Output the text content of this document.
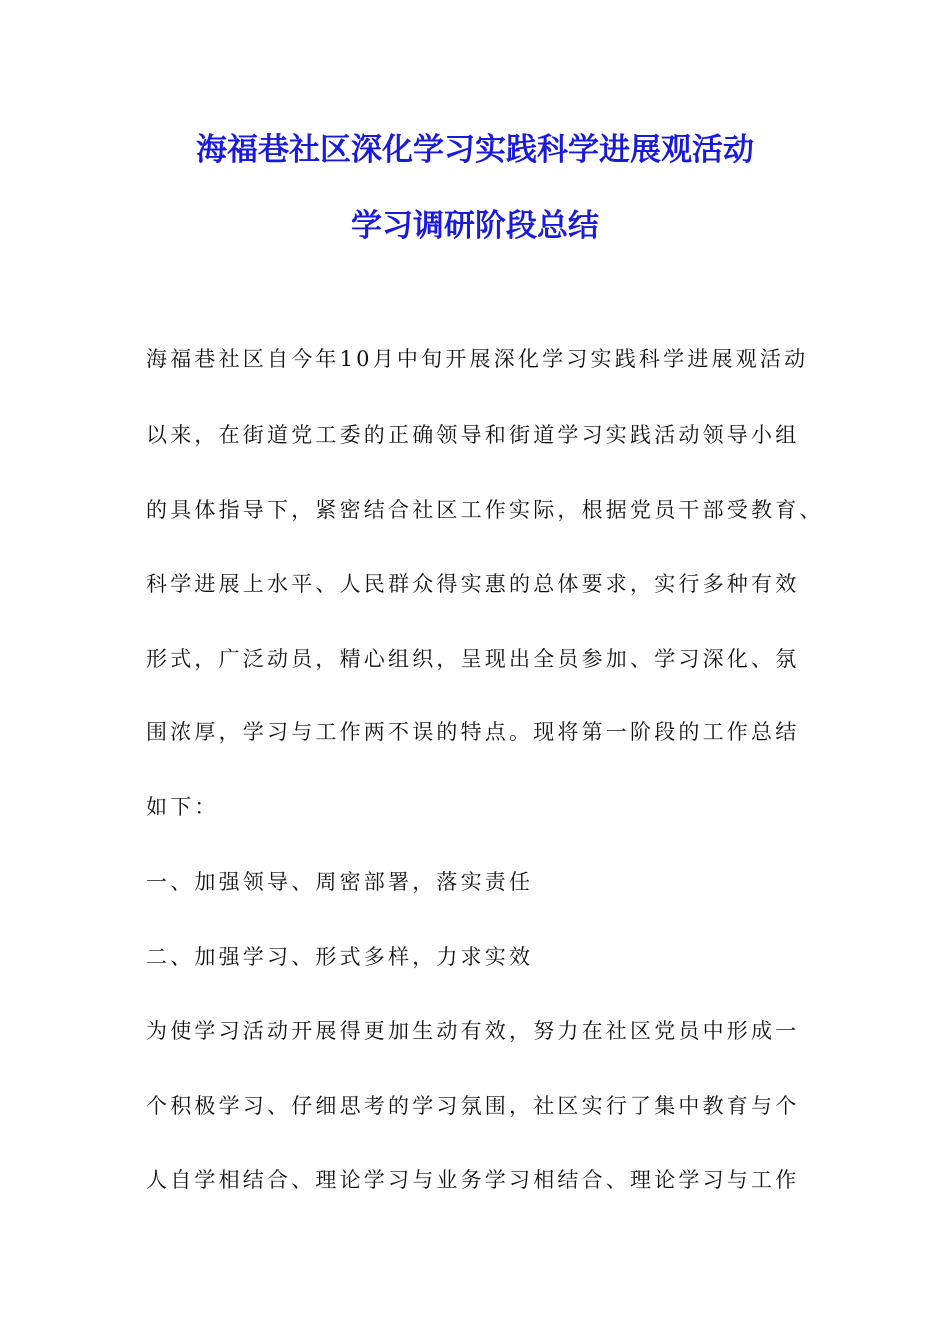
海福巷社区深化学习实践科学进展观活动
学习调研阶段总结
海福巷社区自今年10月中旬开展深化学习实践科学进展观活动
以来，在街道党工委的正确领导和街道学习实践活动领导小组
的具体指导下，紧密结合社区工作实际，根据党员干部受教育、
科学进展上水平、人民群众得实惠的总体要求，实行多种有效
形式，广泛动员，精心组织，呈现出全员参加、学习深化、氛
围浓厚，学习与工作两不误的特点。现将第一阶段的工作总结
如下：
一、加强领导、周密部署，落实责任
二、加强学习、形式多样，力求实效
为使学习活动开展得更加生动有效，努力在社区党员中形成一
个积极学习、仔细思考的学习氛围，社区实行了集中教育与个
人自学相结合、理论学习与业务学习相结合、理论学习与工作
